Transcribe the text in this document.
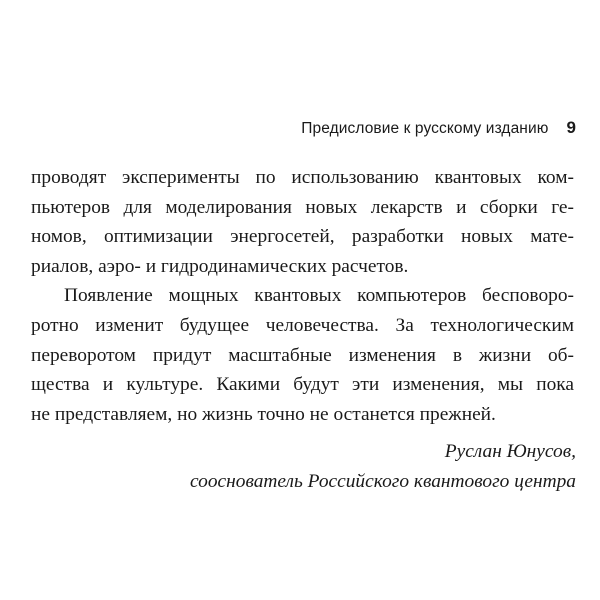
Предисловие к русскому изданию 9
проводят эксперименты по использованию квантовых ком-
пьютеров для моделирования новых лекарств и сборки ге-
номов, оптимизации энергосетей, разработки новых мате-
риалов, аэро- и гидродинамических расчетов.
Появление мощных квантовых компьютеров бесповоро-
ротно изменит будущее человечества. За технологическим
переворотом придут масштабные изменения в жизни об-
щества и культуре. Какими будут эти изменения, мы пока
не представляем, но жизнь точно не останется прежней.
Руслан Юнусов,
сооснователь Российского квантового центра
